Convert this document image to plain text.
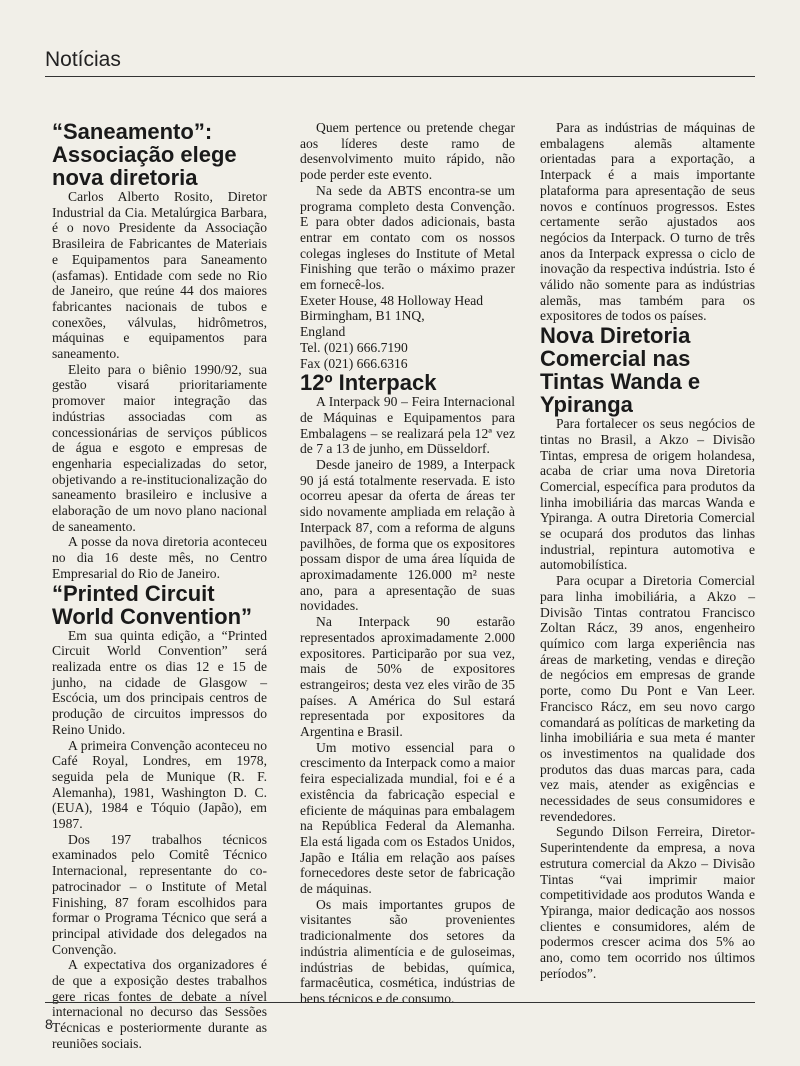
Notícias
“Saneamento”: Associação elege nova diretoria

Carlos Alberto Rosito, Diretor Industrial da Cia. Metalúrgica Barbara, é o novo Presidente da Associação Brasileira de Fabricantes de Materiais e Equipamentos para Saneamento (asfamas). Entidade com sede no Rio de Janeiro, que reúne 44 dos maiores fabricantes nacionais de tubos e conexões, válvulas, hidrômetros, máquinas e equipamentos para saneamento.

Eleito para o biênio 1990/92, sua gestão visará prioritariamente promover maior integração das indústrias associadas com as concessionárias de serviços públicos de água e esgoto e empresas de engenharia especializadas do setor, objetivando a re-institucionalização do saneamento brasileiro e inclusive a elaboração de um novo plano nacional de saneamento.

A posse da nova diretoria aconteceu no dia 16 deste mês, no Centro Empresarial do Rio de Janeiro.

“Printed Circuit World Convention”

Em sua quinta edição, a “Printed Circuit World Convention” será realizada entre os dias 12 e 15 de junho, na cidade de Glasgow – Escócia, um dos principais centros de produção de circuitos impressos do Reino Unido.

A primeira Convenção aconteceu no Café Royal, Londres, em 1978, seguida pela de Munique (R. F. Alemanha), 1981, Washington D. C. (EUA), 1984 e Tóquio (Japão), em 1987.

Dos 197 trabalhos técnicos examinados pelo Comitê Técnico Internacional, representante do co-patrocinador – o Institute of Metal Finishing, 87 foram escolhidos para formar o Programa Técnico que será a principal atividade dos delegados na Convenção.

A expectativa dos organizadores é de que a exposição destes trabalhos gere ricas fontes de debate a nível internacional no decurso das Sessões Técnicas e posteriormente durante as reuniões sociais.

Quem pertence ou pretende chegar aos líderes deste ramo de desenvolvimento muito rápido, não pode perder este evento.

Na sede da ABTS encontra-se um programa completo desta Convenção. E para obter dados adicionais, basta entrar em contato com os nossos colegas ingleses do Institute of Metal Finishing que terão o máximo prazer em fornecê-los.

Exeter House, 48 Holloway Head

Birmingham, B1 1NQ,

England

Tel. (021) 666.7190

Fax (021) 666.6316

12º Interpack

A Interpack 90 – Feira Internacional de Máquinas e Equipamentos para Embalagens – se realizará pela 12ª vez de 7 a 13 de junho, em Düsseldorf.

Desde janeiro de 1989, a Interpack 90 já está totalmente reservada. E isto ocorreu apesar da oferta de áreas ter sido novamente ampliada em relação à Interpack 87, com a reforma de alguns pavilhões, de forma que os expositores possam dispor de uma área líquida de aproximadamente 126.000 m² neste ano, para a apresentação de suas novidades.

Na Interpack 90 estarão representados aproximadamente 2.000 expositores. Participarão por sua vez, mais de 50% de expositores estrangeiros; desta vez eles virão de 35 países. A América do Sul estará representada por expositores da Argentina e Brasil.

Um motivo essencial para o crescimento da Interpack como a maior feira especializada mundial, foi e é a existência da fabricação especial e eficiente de máquinas para embalagem na República Federal da Alemanha. Ela está ligada com os Estados Unidos, Japão e Itália em relação aos países fornecedores deste setor de fabricação de máquinas.

Os mais importantes grupos de visitantes são provenientes tradicionalmente dos setores da indústria alimentícia e de guloseimas, indústrias de bebidas, química, farmacêutica, cosmética, indústrias de bens técnicos e de consumo.

Para as indústrias de máquinas de embalagens alemãs altamente orientadas para a exportação, a Interpack é a mais importante plataforma para apresentação de seus novos e contínuos progressos. Estes certamente serão ajustados aos negócios da Interpack. O turno de três anos da Interpack expressa o ciclo de inovação da respectiva indústria. Isto é válido não somente para as indústrias alemãs, mas também para os expositores de todos os países.

Nova Diretoria Comercial nas Tintas Wanda e Ypiranga

Para fortalecer os seus negócios de tintas no Brasil, a Akzo – Divisão Tintas, empresa de origem holandesa, acaba de criar uma nova Diretoria Comercial, específica para produtos da linha imobiliária das marcas Wanda e Ypiranga. A outra Diretoria Comercial se ocupará dos produtos das linhas industrial, repintura automotiva e automobilística.

Para ocupar a Diretoria Comercial para linha imobiliária, a Akzo – Divisão Tintas contratou Francisco Zoltan Rácz, 39 anos, engenheiro químico com larga experiência nas áreas de marketing, vendas e direção de negócios em empresas de grande porte, como Du Pont e Van Leer. Francisco Rácz, em seu novo cargo comandará as políticas de marketing da linha imobiliária e sua meta é manter os investimentos na qualidade dos produtos das duas marcas para, cada vez mais, atender as exigências e necessidades de seus consumidores e revendedores.

Segundo Dilson Ferreira, Diretor-Superintendente da empresa, a nova estrutura comercial da Akzo – Divisão Tintas “vai imprimir maior competitividade aos produtos Wanda e Ypiranga, maior dedicação aos nossos clientes e consumidores, além de podermos crescer acima dos 5% ao ano, como tem ocorrido nos últimos períodos”.

8
